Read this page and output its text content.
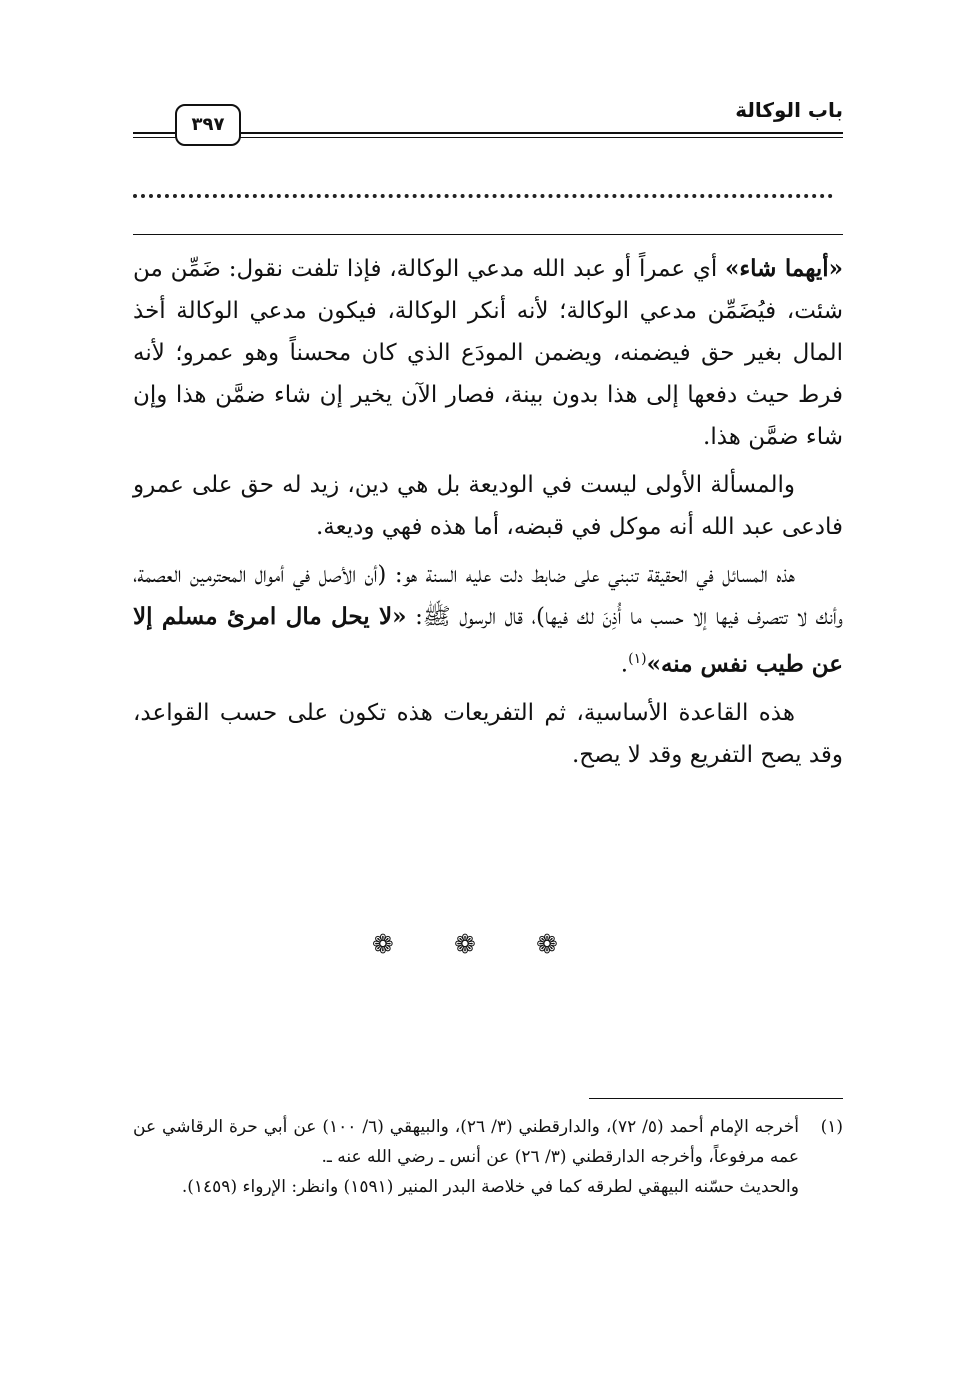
باب الوكالة
٣٩٧

«أيهما شاء» أي عمراً أو عبد الله مدعي الوكالة، فإذا تلفت نقول: ضَمِّن من شئت، فيُضَمِّن مدعي الوكالة؛ لأنه أنكر الوكالة، فيكون مدعي الوكالة أخذ المال بغير حق فيضمنه، ويضمن المودَع الذي كان محسناً وهو عمرو؛ لأنه فرط حيث دفعها إلى هذا بدون بينة، فصار الآن يخير إن شاء ضمَّن هذا وإن شاء ضمَّن هذا.

والمسألة الأولى ليست في الوديعة بل هي دين، زيد له حق على عمرو فادعى عبد الله أنه موكل في قبضه، أما هذه فهي وديعة.

هذه المسائل في الحقيقة تنبني على ضابط دلت عليه السنة هو: (أن الأصل في أموال المحترمين العصمة، وأنك لا تتصرف فيها إلا حسب ما أُذِنَ لك فيها)، قال الرسول ﷺ: «لا يحل مال امرئ مسلم إلا عن طيب نفس منه»$^{(١)}$.

هذه القاعدة الأساسية، ثم التفريعات هذه تكون على حسب القواعد، وقد يصح التفريع وقد لا يصح.

❁ ❁ ❁
(١)

أخرجه الإمام أحمد (٥/ ٧٢)، والدارقطني (٣/ ٢٦)، والبيهقي (٦/ ١٠٠) عن أبي حرة الرقاشي عن عمه مرفوعاً، وأخرجه الدارقطني (٣/ ٢٦) عن أنس ـ رضي الله عنه ـ.

والحديث حسّنه البيهقي لطرقه كما في خلاصة البدر المنير (١٥٩١) وانظر: الإرواء (١٤٥٩).
